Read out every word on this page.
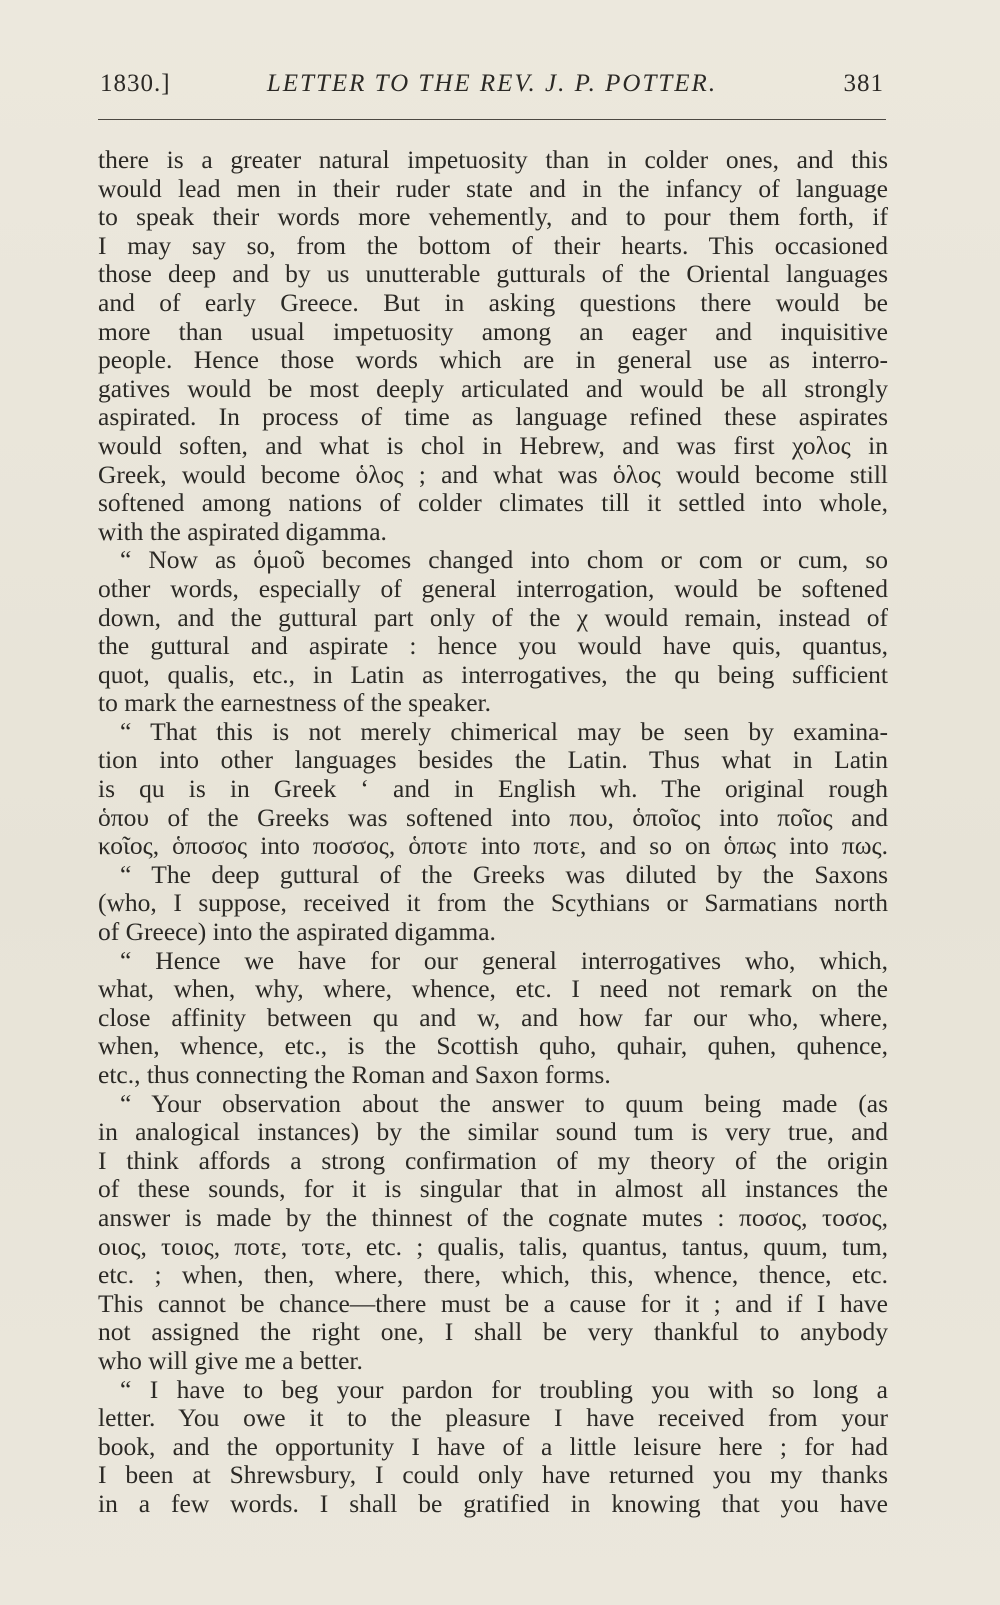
1830.]	LETTER TO THE REV. J. P. POTTER.	381
there is a greater natural impetuosity than in colder ones, and this
would lead men in their ruder state and in the infancy of language
to speak their words more vehemently, and to pour them forth, if
I may say so, from the bottom of their hearts. This occasioned
those deep and by us unutterable gutturals of the Oriental languages
and of early Greece. But in asking questions there would be
more than usual impetuosity among an eager and inquisitive
people. Hence those words which are in general use as interro-
gatives would be most deeply articulated and would be all strongly
aspirated. In process of time as language refined these aspirates
would soften, and what is chol in Hebrew, and was first χολος in
Greek, would become ὁλος ; and what was ὁλος would become still
softened among nations of colder climates till it settled into whole,
with the aspirated digamma.
“ Now as ὁμοῦ becomes changed into chom or com or cum, so
other words, especially of general interrogation, would be softened
down, and the guttural part only of the χ would remain, instead of
the guttural and aspirate : hence you would have quis, quantus,
quot, qualis, etc., in Latin as interrogatives, the qu being sufficient
to mark the earnestness of the speaker.
“ That this is not merely chimerical may be seen by examina-
tion into other languages besides the Latin. Thus what in Latin
is qu is in Greek ‘ and in English wh. The original rough
ὁπου of the Greeks was softened into που, ὁποῖος into ποῖος and
κοῖος, ὁποσος into ποσσος, ὁποτε into ποτε, and so on ὁπως into πως.
“ The deep guttural of the Greeks was diluted by the Saxons
(who, I suppose, received it from the Scythians or Sarmatians north
of Greece) into the aspirated digamma.
“ Hence we have for our general interrogatives who, which,
what, when, why, where, whence, etc. I need not remark on the
close affinity between qu and w, and how far our who, where,
when, whence, etc., is the Scottish quho, quhair, quhen, quhence,
etc., thus connecting the Roman and Saxon forms.
“ Your observation about the answer to quum being made (as
in analogical instances) by the similar sound tum is very true, and
I think affords a strong confirmation of my theory of the origin
of these sounds, for it is singular that in almost all instances the
answer is made by the thinnest of the cognate mutes : ποσος, τοσος,
οιος, τοιος, ποτε, τοτε, etc. ; qualis, talis, quantus, tantus, quum, tum,
etc. ; when, then, where, there, which, this, whence, thence, etc.
This cannot be chance—there must be a cause for it ; and if I have
not assigned the right one, I shall be very thankful to anybody
who will give me a better.
“ I have to beg your pardon for troubling you with so long a
letter. You owe it to the pleasure I have received from your
book, and the opportunity I have of a little leisure here ; for had
I been at Shrewsbury, I could only have returned you my thanks
in a few words. I shall be gratified in knowing that you have
